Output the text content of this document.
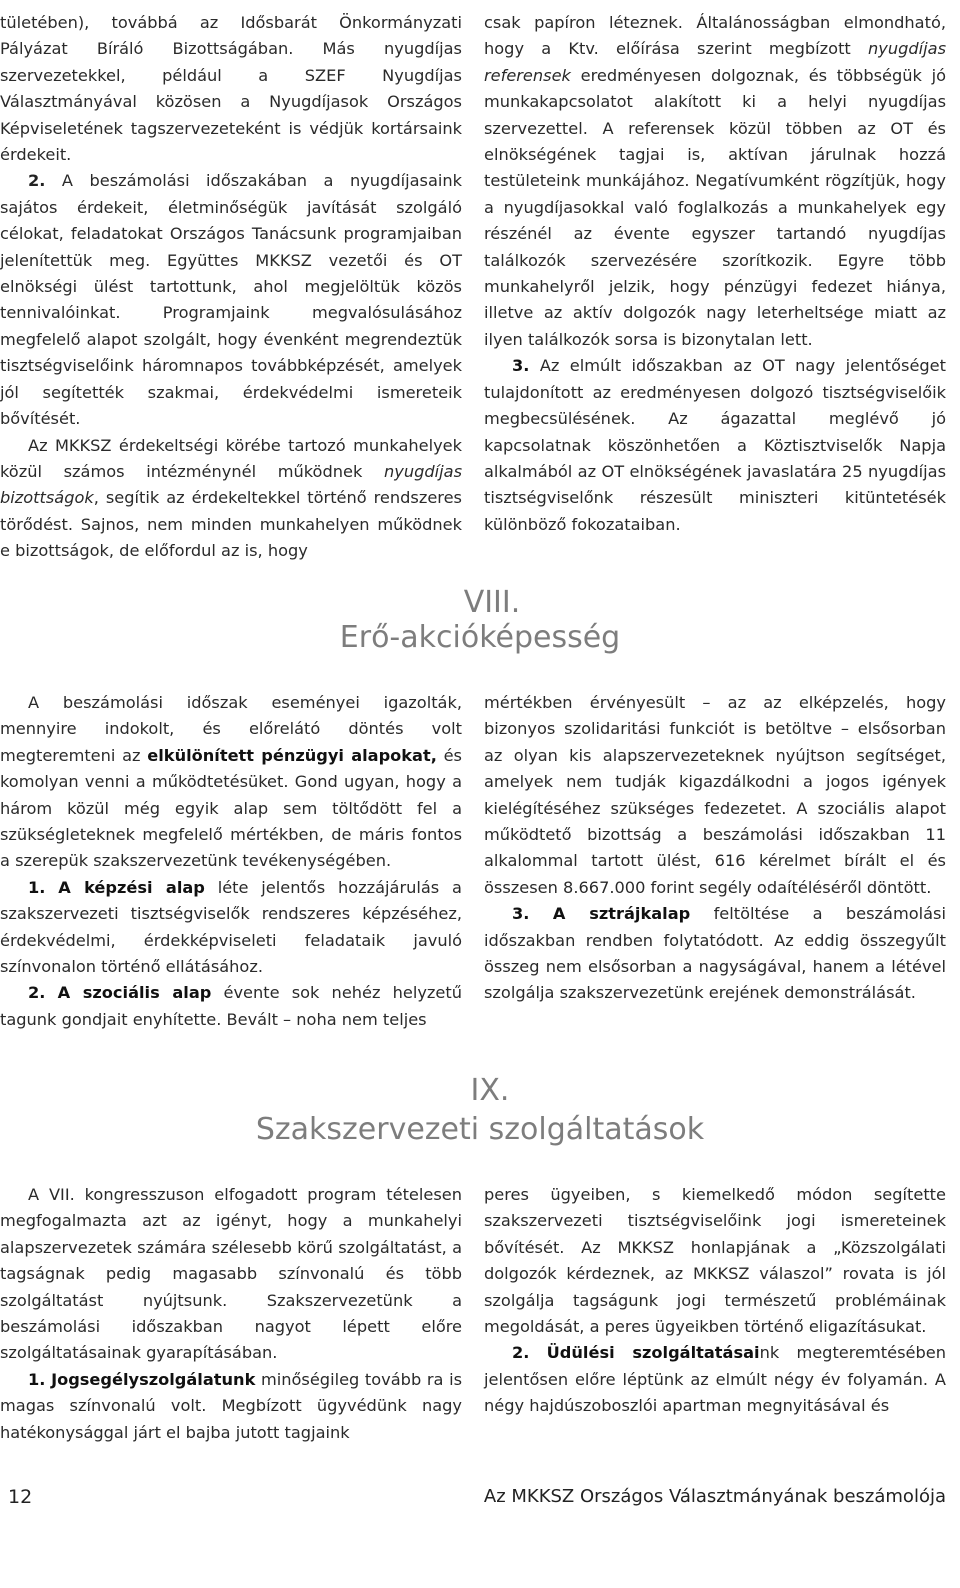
tületében), továbbá az Idősbarát Önkormányzati Pályázat Bíráló Bizottságában. Más nyugdíjas szervezetekkel, például a SZEF Nyugdíjas Választmányával közösen a Nyugdíjasok Országos Képviseletének tagszervezeteként is védjük kortársaink érdekeit.

2. A beszámolási időszakában a nyugdíjasaink sajátos érdekeit, életminőségük javítását szolgáló célokat, feladatokat Országos Tanácsunk programjaiban jelenítettük meg. Együttes MKKSZ vezetői és OT elnökségi ülést tartottunk, ahol megjelöltük közös tennivalóinkat. Programjaink megvalósulásához megfelelő alapot szolgált, hogy évenként megrendeztük tisztségviselőink háromnapos továbbképzését, amelyek jól segítették szakmai, érdekvédelmi ismereteik bővítését.

Az MKKSZ érdekeltségi körébe tartozó munkahelyek közül számos intézménynél működnek nyugdíjas bizottságok, segítik az érdekeltekkel történő rendszeres törődést. Sajnos, nem minden munkahelyen működnek e bizottságok, de előfordul az is, hogy

csak papíron léteznek. Általánosságban elmondható, hogy a Ktv. előírása szerint megbízott nyugdíjas referensek eredményesen dolgoznak, és többségük jó munkakapcsolatot alakított ki a helyi nyugdíjas szervezettel. A referensek közül többen az OT és elnökségének tagjai is, aktívan járulnak hozzá testületeink munkájához. Negatívumként rögzítjük, hogy a nyugdíjasokkal való foglalkozás a munkahelyek egy részénél az évente egyszer tartandó nyugdíjas találkozók szervezésére szorítkozik. Egyre több munkahelyről jelzik, hogy pénzügyi fedezet hiánya, illetve az aktív dolgozók nagy leterheltsége miatt az ilyen találkozók sorsa is bizonytalan lett.

3. Az elmúlt időszakban az OT nagy jelentőséget tulajdonított az eredményesen dolgozó tisztségviselőik megbecsülésének. Az ágazattal meglévő jó kapcsolatnak köszönhetően a Köztisztviselők Napja alkalmából az OT elnökségének javaslatára 25 nyugdíjas tisztségviselőnk részesült miniszteri kitüntetésék különböző fokozataiban.

VIII.
Erő-akcióképesség

A beszámolási időszak eseményei igazolták, mennyire indokolt, és előrelátó döntés volt megteremteni az elkülönített pénzügyi alapokat, és komolyan venni a működtetésüket. Gond ugyan, hogy a három közül még egyik alap sem töltődött fel a szükségleteknek megfelelő mértékben, de máris fontos a szerepük szakszervezetünk tevékenységében.

1. A képzési alap léte jelentős hozzájárulás a szakszervezeti tisztségviselők rendszeres képzéséhez, érdekvédelmi, érdekképviseleti feladataik javuló színvonalon történő ellátásához.

2. A szociális alap évente sok nehéz helyzetű tagunk gondjait enyhítette. Bevált – noha nem teljes

mértékben érvényesült – az az elképzelés, hogy bizonyos szolidaritási funkciót is betöltve – elsősorban az olyan kis alapszervezeteknek nyújtson segítséget, amelyek nem tudják kigazdálkodni a jogos igények kielégítéséhez szükséges fedezetet. A szociális alapot működtető bizottság a beszámolási időszakban 11 alkalommal tartott ülést, 616 kérelmet bírált el és összesen 8.667.000 forint segély odaítéléséről döntött.

3. A sztrájkalap feltöltése a beszámolási időszakban rendben folytatódott. Az eddig összegyűlt összeg nem elsősorban a nagyságával, hanem a létével szolgálja szakszervezetünk erejének demonstrálását.

IX.
Szakszervezeti szolgáltatások

A VII. kongresszuson elfogadott program tételesen megfogalmazta azt az igényt, hogy a munkahelyi alapszervezetek számára szélesebb körű szolgáltatást, a tagságnak pedig magasabb színvonalú és több szolgáltatást nyújtsunk. Szakszervezetünk a beszámolási időszakban nagyot lépett előre szolgáltatásainak gyarapításában.

1. Jogsegélyszolgálatunk minőségileg tovább ra is magas színvonalú volt. Megbízott ügyvédünk nagy hatékonysággal járt el bajba jutott tagjaink

peres ügyeiben, s kiemelkedő módon segítette szakszervezeti tisztségviselőink jogi ismereteinek bővítését. Az MKKSZ honlapjának a „Közszolgálati dolgozók kérdeznek, az MKKSZ válaszol” rovata is jól szolgálja tagságunk jogi természetű problémáinak megoldását, a peres ügyeikben történő eligazításukat.

2. Üdülési szolgáltatásaink megteremtésében jelentősen előre léptünk az elmúlt négy év folyamán. A négy hajdúszoboszlói apartman megnyitásával és

12	Az MKKSZ Országos Választmányának beszámolója
